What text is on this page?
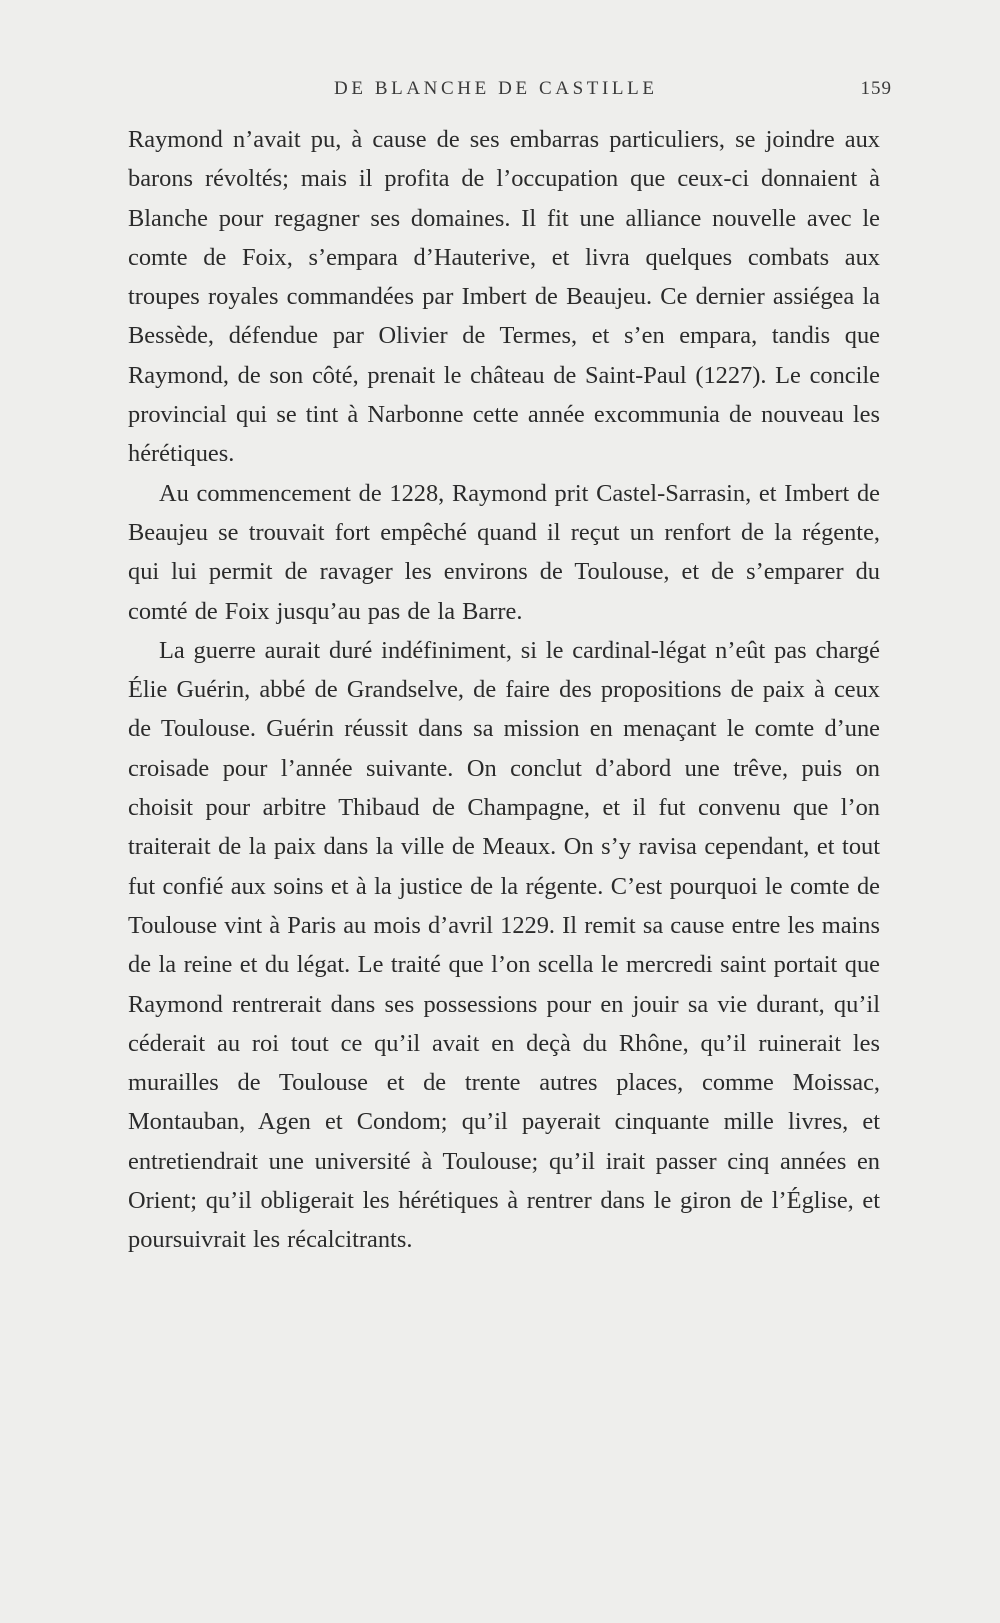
DE BLANCHE DE CASTILLE	159

Raymond n’avait pu, à cause de ses embarras particuliers, se joindre aux barons révoltés; mais il profita de l’occupation que ceux-ci donnaient à Blanche pour regagner ses domaines. Il fit une alliance nouvelle avec le comte de Foix, s’empara d’Hauterive, et livra quelques combats aux troupes royales commandées par Imbert de Beaujeu. Ce dernier assiégea la Bessède, défendue par Olivier de Termes, et s’en empara, tandis que Raymond, de son côté, prenait le château de Saint-Paul (1227). Le concile provincial qui se tint à Narbonne cette année excommunia de nouveau les hérétiques.

Au commencement de 1228, Raymond prit Castel-Sarrasin, et Imbert de Beaujeu se trouvait fort empêché quand il reçut un renfort de la régente, qui lui permit de ravager les environs de Toulouse, et de s’emparer du comté de Foix jusqu’au pas de la Barre.

La guerre aurait duré indéfiniment, si le cardinal-légat n’eût pas chargé Élie Guérin, abbé de Grandselve, de faire des propositions de paix à ceux de Toulouse. Guérin réussit dans sa mission en menaçant le comte d’une croisade pour l’année suivante. On conclut d’abord une trêve, puis on choisit pour arbitre Thibaud de Champagne, et il fut convenu que l’on traiterait de la paix dans la ville de Meaux. On s’y ravisa cependant, et tout fut confié aux soins et à la justice de la régente. C’est pourquoi le comte de Toulouse vint à Paris au mois d’avril 1229. Il remit sa cause entre les mains de la reine et du légat. Le traité que l’on scella le mercredi saint portait que Raymond rentrerait dans ses possessions pour en jouir sa vie durant, qu’il céderait au roi tout ce qu’il avait en deçà du Rhône, qu’il ruinerait les murailles de Toulouse et de trente autres places, comme Moissac, Montauban, Agen et Condom; qu’il payerait cinquante mille livres, et entretiendrait une université à Toulouse; qu’il irait passer cinq années en Orient; qu’il obligerait les hérétiques à rentrer dans le giron de l’Église, et poursuivrait les récalcitrants.
